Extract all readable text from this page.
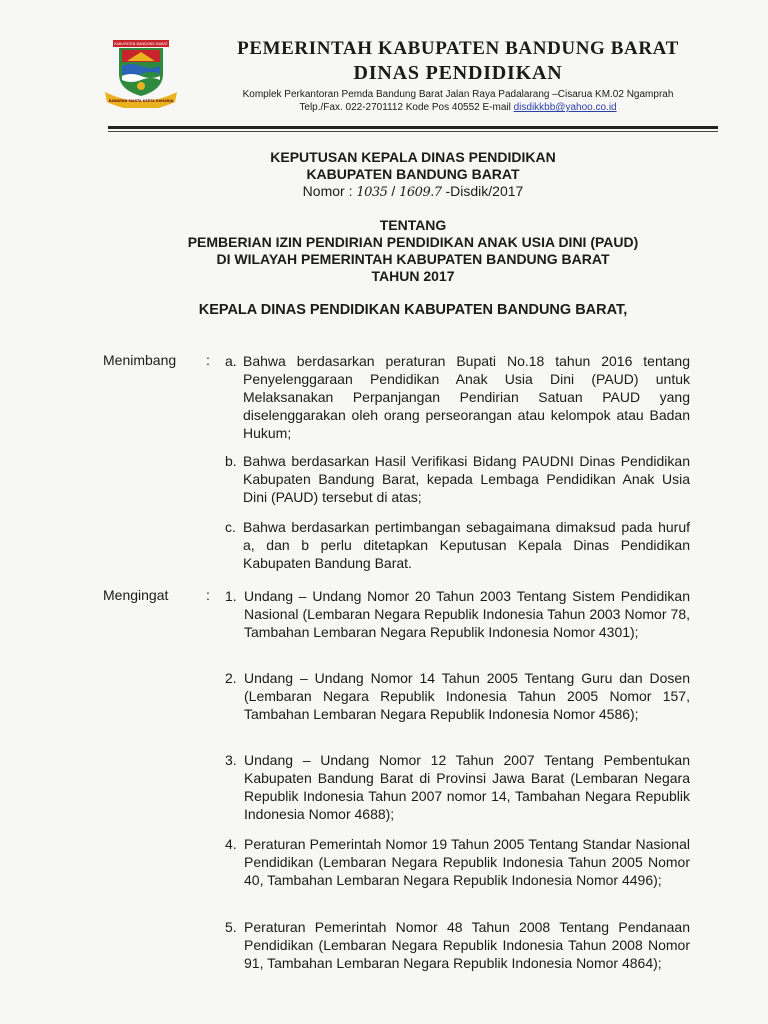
KABUPATEN BANDUNG BARAT
RAWAYAN MARTA KERTA RAHARJA
PEMERINTAH KABUPATEN BANDUNG BARAT
DINAS PENDIDIKAN
Komplek Perkantoran Pemda Bandung Barat Jalan Raya Padalarang –Cisarua KM.02 Ngamprah
Telp./Fax. 022-2701112 Kode Pos 40552 E-mail disdikkbb@yahoo.co.id
KEPUTUSAN KEPALA DINAS PENDIDIKAN
KABUPATEN BANDUNG BARAT
Nomor : 1035 / 1609.7 -Disdik/2017
TENTANG
PEMBERIAN IZIN PENDIRIAN PENDIDIKAN ANAK USIA DINI (PAUD)
DI WILAYAH PEMERINTAH KABUPATEN BANDUNG BARAT
TAHUN 2017
KEPALA DINAS PENDIDIKAN KABUPATEN BANDUNG BARAT,
Menimbang : a. Bahwa berdasarkan peraturan Bupati No.18 tahun 2016 tentang Penyelenggaraan Pendidikan Anak Usia Dini (PAUD) untuk Melaksanakan Perpanjangan Pendirian Satuan PAUD yang diselenggarakan oleh orang perseorangan atau kelompok atau Badan Hukum;
b. Bahwa berdasarkan Hasil Verifikasi Bidang PAUDNI Dinas Pendidikan Kabupaten Bandung Barat, kepada Lembaga Pendidikan Anak Usia Dini (PAUD) tersebut di atas;
c. Bahwa berdasarkan pertimbangan sebagaimana dimaksud pada huruf a, dan b perlu ditetapkan Keputusan Kepala Dinas Pendidikan Kabupaten Bandung Barat.
Mengingat	: 1. Undang – Undang Nomor 20 Tahun 2003 Tentang Sistem Pendidikan Nasional (Lembaran Negara Republik Indonesia Tahun 2003 Nomor 78, Tambahan Lembaran Negara Republik Indonesia Nomor 4301);
2. Undang – Undang Nomor 14 Tahun 2005 Tentang Guru dan Dosen (Lembaran Negara Republik Indonesia Tahun 2005 Nomor 157, Tambahan Lembaran Negara Republik Indonesia Nomor 4586);
3. Undang – Undang Nomor 12 Tahun 2007 Tentang Pembentukan Kabupaten Bandung Barat di Provinsi Jawa Barat (Lembaran Negara Republik Indonesia Tahun 2007 nomor 14, Tambahan Negara Republik Indonesia Nomor 4688);
4. Peraturan Pemerintah Nomor 19 Tahun 2005 Tentang Standar Nasional Pendidikan (Lembaran Negara Republik Indonesia Tahun 2005 Nomor 40, Tambahan Lembaran Negara Republik Indonesia Nomor 4496);
5. Peraturan Pemerintah Nomor 48 Tahun 2008 Tentang Pendanaan Pendidikan (Lembaran Negara Republik Indonesia Tahun 2008 Nomor 91, Tambahan Lembaran Negara Republik Indonesia Nomor 4864);
